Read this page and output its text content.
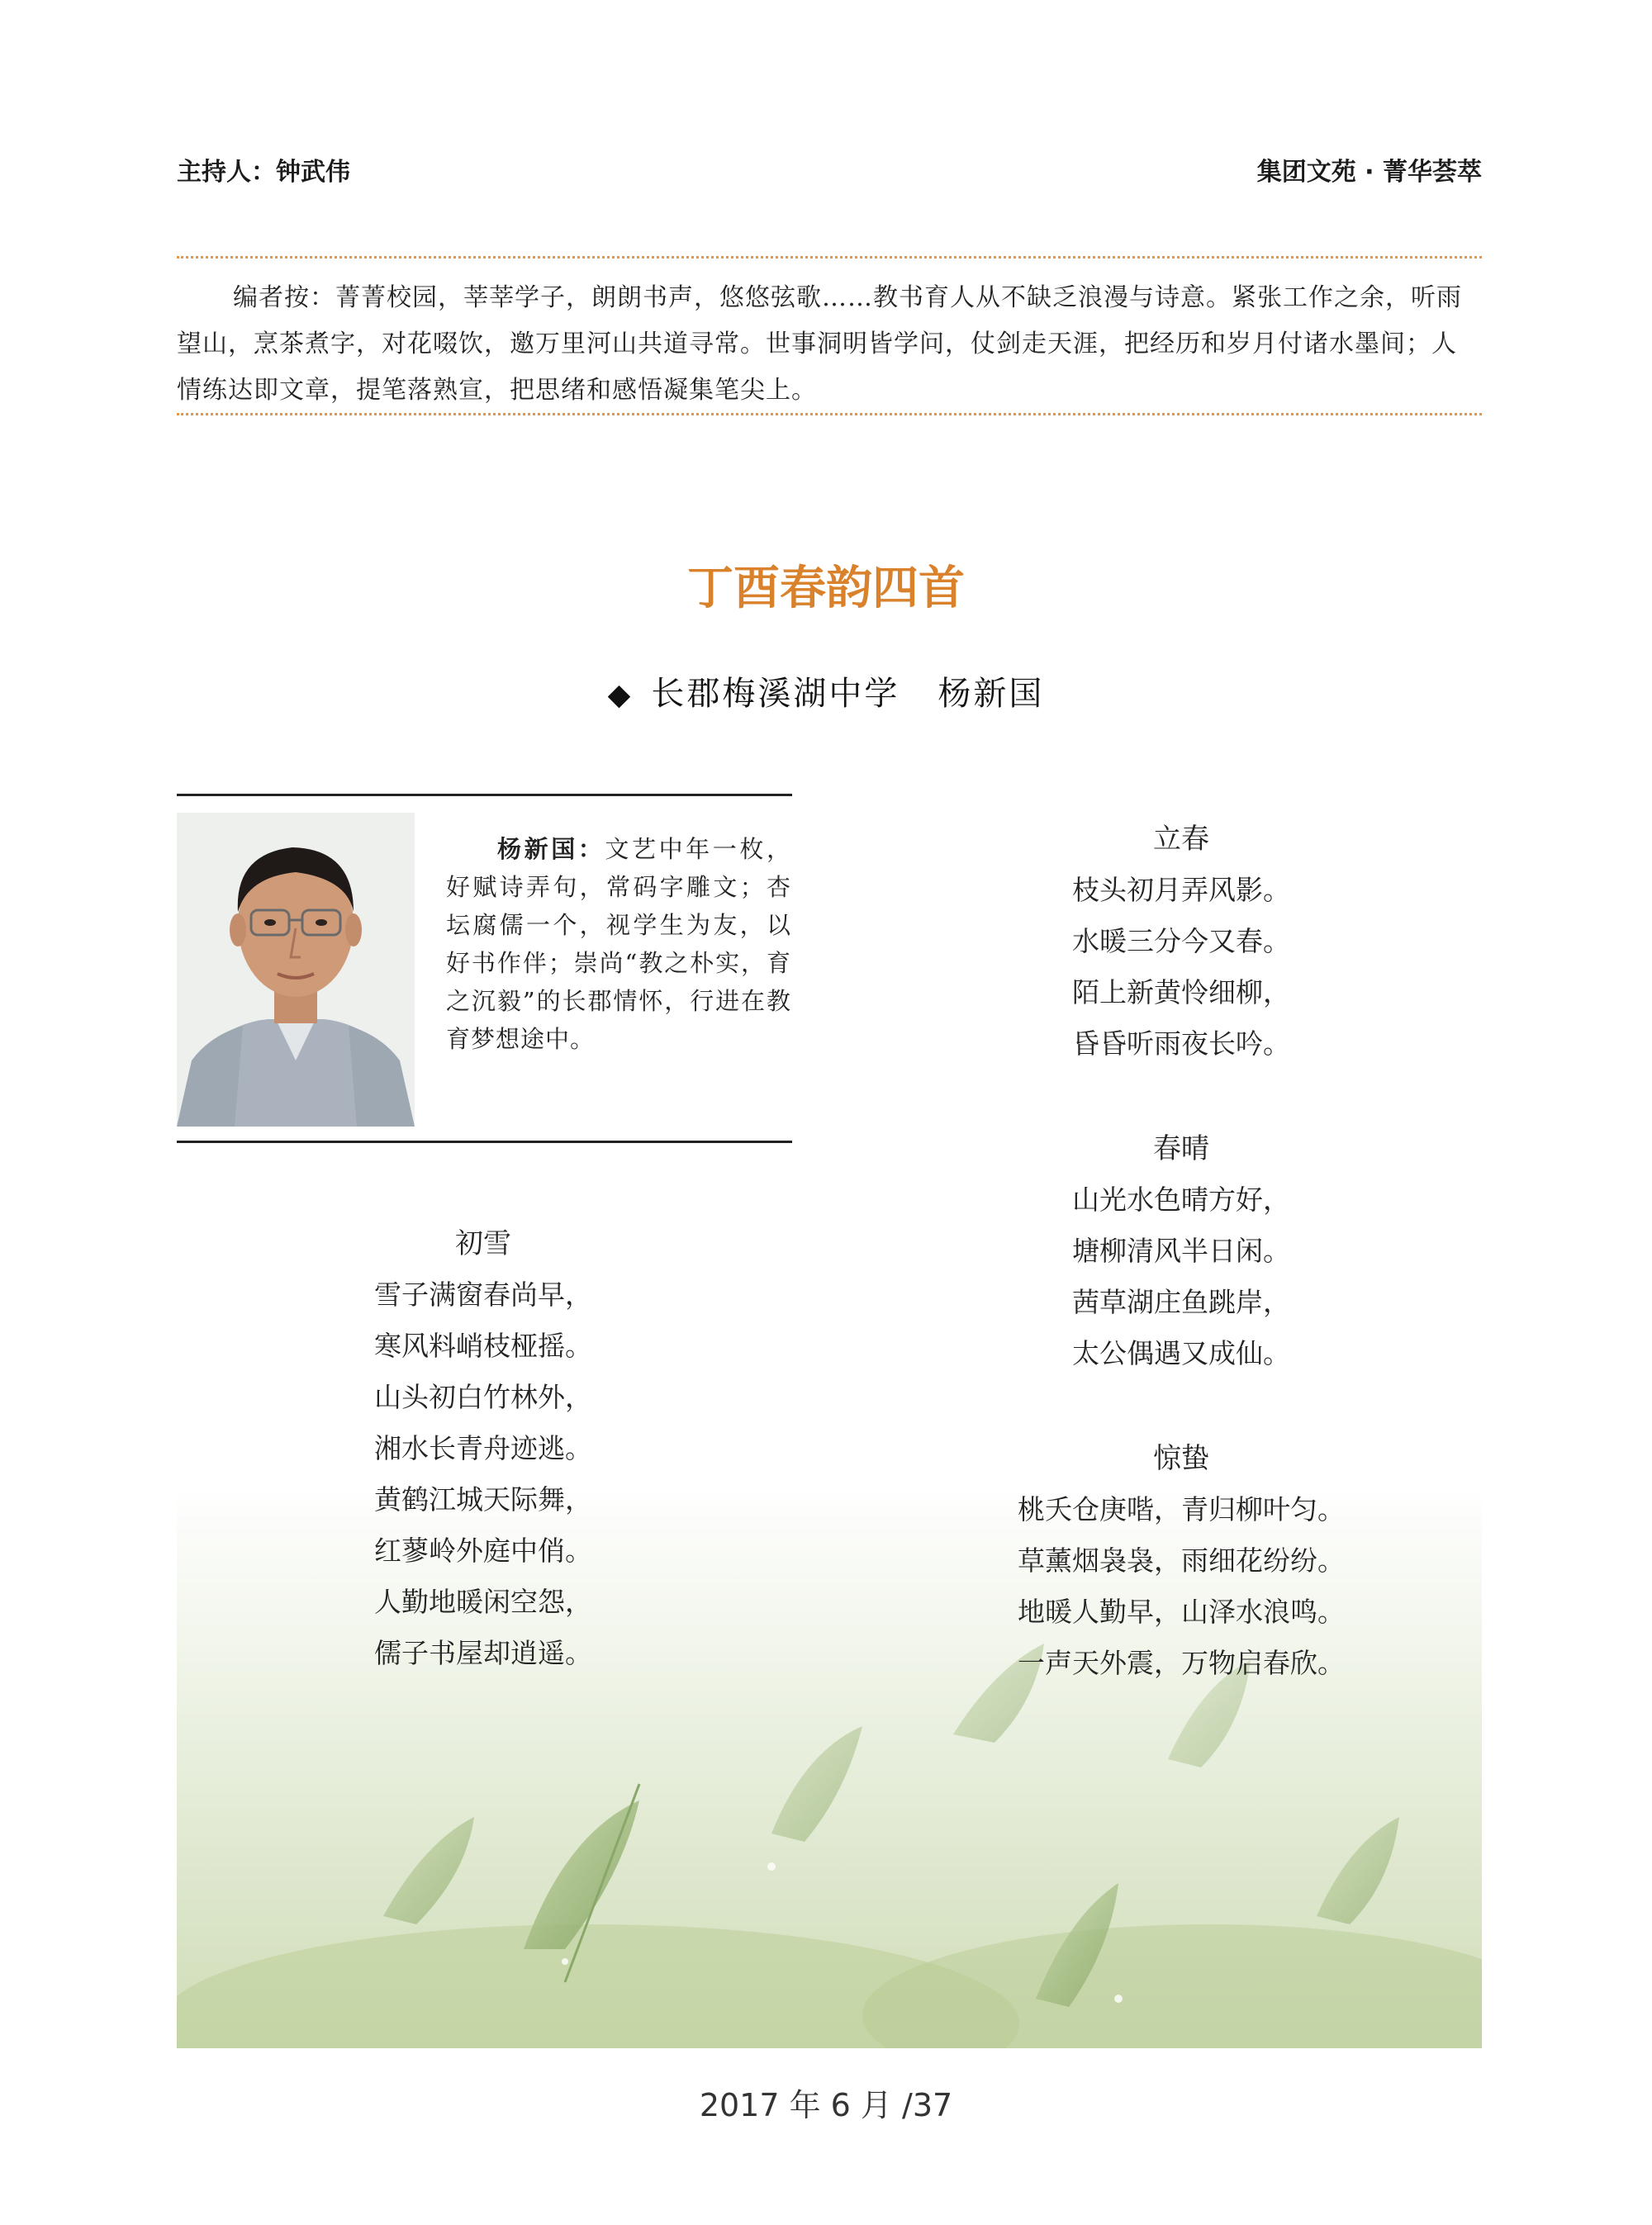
主持人：钟武伟	集团文苑 · 菁华荟萃
编者按：菁菁校园，莘莘学子，朗朗书声，悠悠弦歌……教书育人从不缺乏浪漫与诗意。紧张工作之余，听雨望山，烹茶煮字，对花啜饮，邀万里河山共道寻常。世事洞明皆学问，仗剑走天涯，把经历和岁月付诸水墨间；人情练达即文章，提笔落熟宣，把思绪和感悟凝集笔尖上。
丁酉春韵四首
◆ 长郡梅溪湖中学 杨新国
杨新国：文艺中年一枚，好赋诗弄句，常码字雕文；杏坛腐儒一个，视学生为友，以好书作伴；崇尚“教之朴实，育之沉毅”的长郡情怀，行进在教育梦想途中。
初雪
雪子满窗春尚早，
寒风料峭枝桠摇。
山头初白竹林外，
湘水长青舟迹逃。
黄鹤江城天际舞，
红蓼岭外庭中俏。
人勤地暖闲空怨，
儒子书屋却逍遥。
立春
枝头初月弄风影。
水暖三分今又春。
陌上新黄怜细柳，
昏昏听雨夜长吟。
春晴
山光水色晴方好，
塘柳清风半日闲。
茜草湖庄鱼跳岸，
太公偶遇又成仙。
惊蛰
桃夭仓庚喈，青归柳叶匀。
草薰烟袅袅，雨细花纷纷。
地暖人勤早，山泽水浪鸣。
一声天外震，万物启春欣。
2017 年 6 月 /37
